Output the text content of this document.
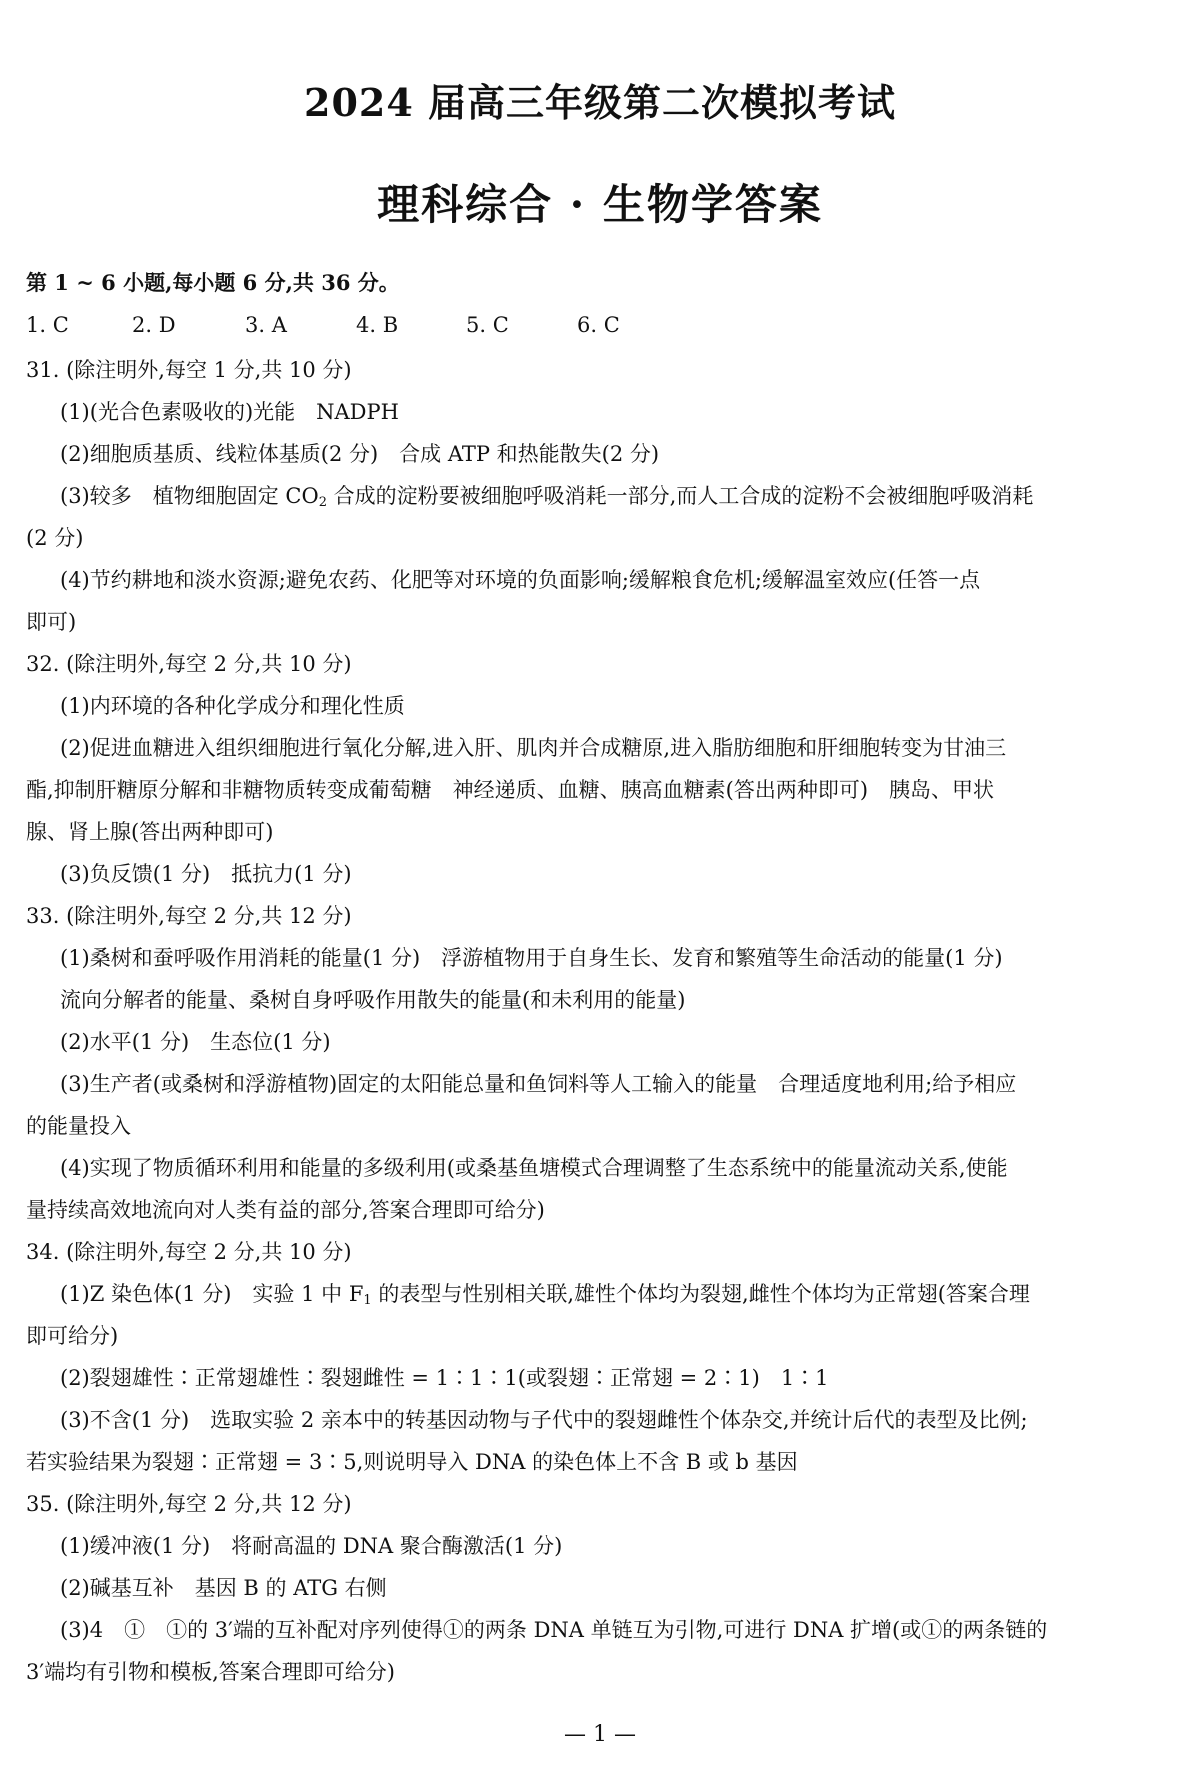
2024 届高三年级第二次模拟考试
理科综合 · 生物学答案
第 1 ~ 6 小题,每小题 6 分,共 36 分。
1. C	2. D	3. A	4. B	5. C	6. C
31. (除注明外,每空 1 分,共 10 分)
(1)(光合色素吸收的)光能　NADPH
(2)细胞质基质、线粒体基质(2 分)　合成 ATP 和热能散失(2 分)
(3)较多　植物细胞固定 $CO_2$ 合成的淀粉要被细胞呼吸消耗一部分,而人工合成的淀粉不会被细胞呼吸消耗
(2 分)
(4)节约耕地和淡水资源;避免农药、化肥等对环境的负面影响;缓解粮食危机;缓解温室效应(任答一点
即可)
32. (除注明外,每空 2 分,共 10 分)
(1)内环境的各种化学成分和理化性质
(2)促进血糖进入组织细胞进行氧化分解,进入肝、肌肉并合成糖原,进入脂肪细胞和肝细胞转变为甘油三
酯,抑制肝糖原分解和非糖物质转变成葡萄糖　神经递质、血糖、胰高血糖素(答出两种即可)　胰岛、甲状
腺、肾上腺(答出两种即可)
(3)负反馈(1 分)　抵抗力(1 分)
33. (除注明外,每空 2 分,共 12 分)
(1)桑树和蚕呼吸作用消耗的能量(1 分)　浮游植物用于自身生长、发育和繁殖等生命活动的能量(1 分)
流向分解者的能量、桑树自身呼吸作用散失的能量(和未利用的能量)
(2)水平(1 分)　生态位(1 分)
(3)生产者(或桑树和浮游植物)固定的太阳能总量和鱼饲料等人工输入的能量　合理适度地利用;给予相应
的能量投入
(4)实现了物质循环利用和能量的多级利用(或桑基鱼塘模式合理调整了生态系统中的能量流动关系,使能
量持续高效地流向对人类有益的部分,答案合理即可给分)
34. (除注明外,每空 2 分,共 10 分)
(1)Z 染色体(1 分)　实验 1 中 $F_1$ 的表型与性别相关联,雄性个体均为裂翅,雌性个体均为正常翅(答案合理
即可给分)
(2)裂翅雄性∶正常翅雄性∶裂翅雌性 = 1∶1∶1(或裂翅∶正常翅 = 2∶1)　1∶1
(3)不含(1 分)　选取实验 2 亲本中的转基因动物与子代中的裂翅雌性个体杂交,并统计后代的表型及比例;
若实验结果为裂翅∶正常翅 = 3∶5,则说明导入 DNA 的染色体上不含 B 或 b 基因
35. (除注明外,每空 2 分,共 12 分)
(1)缓冲液(1 分)　将耐高温的 DNA 聚合酶激活(1 分)
(2)碱基互补　基因 B 的 ATG 右侧
(3)4　①　①的 3′端的互补配对序列使得①的两条 DNA 单链互为引物,可进行 DNA 扩增(或①的两条链的
3′端均有引物和模板,答案合理即可给分)
— 1 —
